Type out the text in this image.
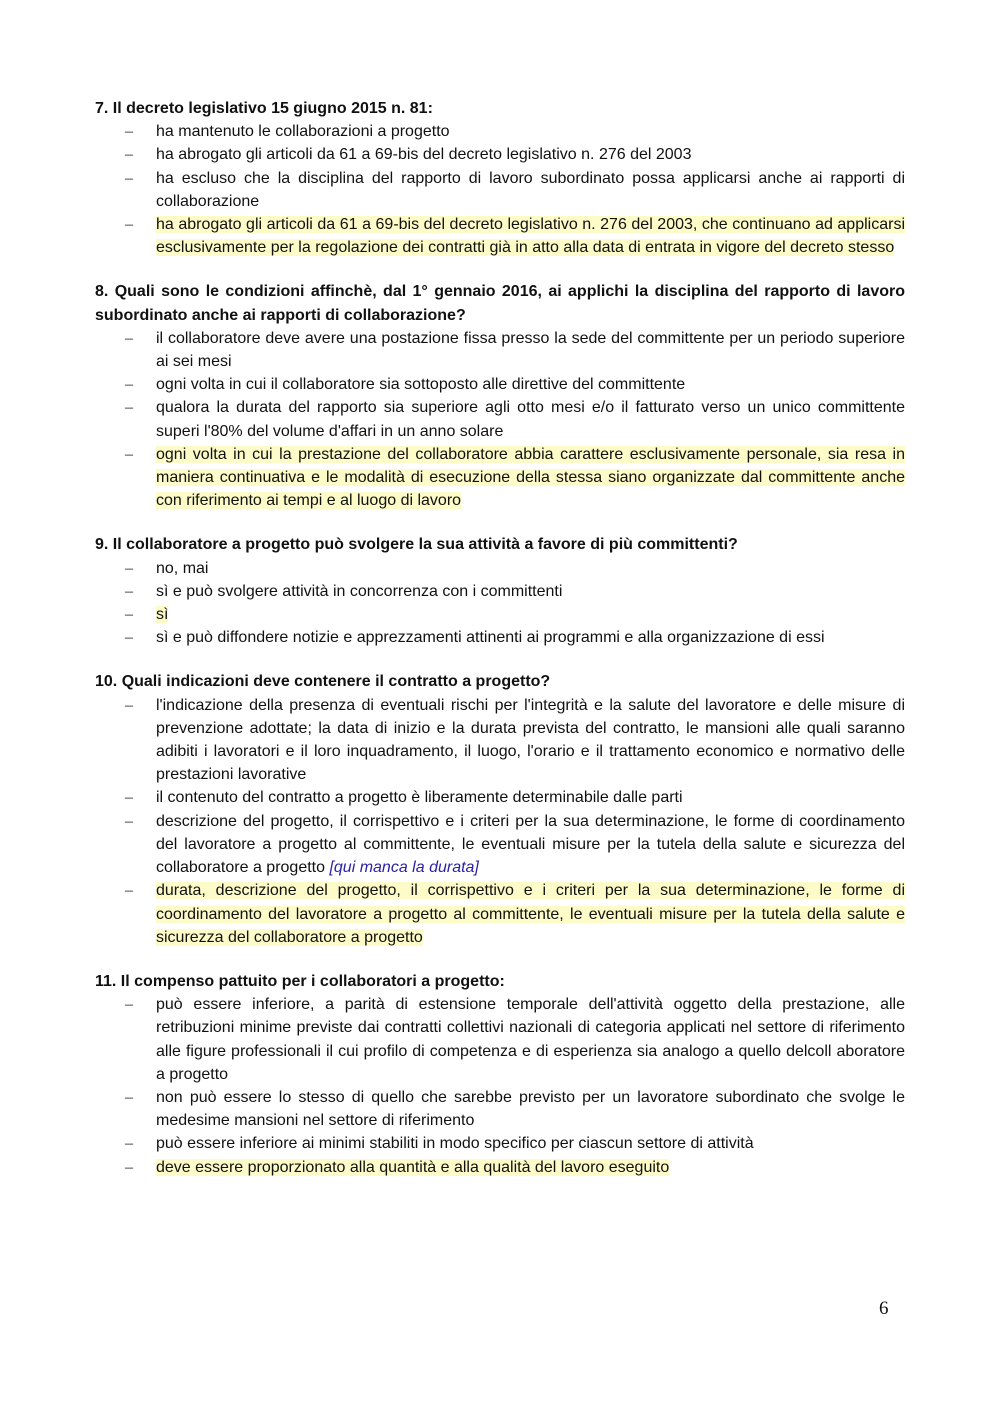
7. Il decreto legislativo 15 giugno 2015 n. 81:
– ha mantenuto le collaborazioni a progetto
– ha abrogato gli articoli da 61 a 69-bis del decreto legislativo n. 276 del 2003
– ha escluso che la disciplina del rapporto di lavoro subordinato possa applicarsi anche ai rapporti di collaborazione
– ha abrogato gli articoli da 61 a 69-bis del decreto legislativo n. 276 del 2003, che continuano ad applicarsi esclusivamente per la regolazione dei contratti già in atto alla data di entrata in vigore del decreto stesso
8. Quali sono le condizioni affinchè, dal 1° gennaio 2016, ai applichi la disciplina del rapporto di lavoro subordinato anche ai rapporti di collaborazione?
– il collaboratore deve avere una postazione fissa presso la sede del committente per un periodo superiore ai sei mesi
– ogni volta in cui il collaboratore sia sottoposto alle direttive del committente
– qualora la durata del rapporto sia superiore agli otto mesi e/o il fatturato verso un unico committente superi l'80% del volume d'affari in un anno solare
– ogni volta in cui la prestazione del collaboratore abbia carattere esclusivamente personale, sia resa in maniera continuativa e le modalità di esecuzione della stessa siano organizzate dal committente anche con riferimento ai tempi e al luogo di lavoro
9. Il collaboratore a progetto può svolgere la sua attività a favore di più committenti?
– no, mai
– sì e può svolgere attività in concorrenza con i committenti
– sì
– sì e può diffondere notizie e apprezzamenti attinenti ai programmi e alla organizzazione di essi
10. Quali indicazioni deve contenere il contratto a progetto?
– l'indicazione della presenza di eventuali rischi per l'integrità e la salute del lavoratore e delle misure di prevenzione adottate; la data di inizio e la durata prevista del contratto, le mansioni alle quali saranno adibiti i lavoratori e il loro inquadramento, il luogo, l'orario e il trattamento economico e normativo delle prestazioni lavorative
– il contenuto del contratto a progetto è liberamente determinabile dalle parti
– descrizione del progetto, il corrispettivo e i criteri per la sua determinazione, le forme di coordinamento del lavoratore a progetto al committente, le eventuali misure per la tutela della salute e sicurezza del collaboratore a progetto [qui manca la durata]
– durata, descrizione del progetto, il corrispettivo e i criteri per la sua determinazione, le forme di coordinamento del lavoratore a progetto al committente, le eventuali misure per la tutela della salute e sicurezza del collaboratore a progetto
11. Il compenso pattuito per i collaboratori a progetto:
– può essere inferiore, a parità di estensione temporale dell'attività oggetto della prestazione, alle retribuzioni minime previste dai contratti collettivi nazionali di categoria applicati nel settore di riferimento alle figure professionali il cui profilo di competenza e di esperienza sia analogo a quello delcoll aboratore a progetto
– non può essere lo stesso di quello che sarebbe previsto per un lavoratore subordinato che svolge le medesime mansioni nel settore di riferimento
– può essere inferiore ai minimi stabiliti in modo specifico per ciascun settore di attività
– deve essere proporzionato alla quantità e alla qualità del lavoro eseguito
6
